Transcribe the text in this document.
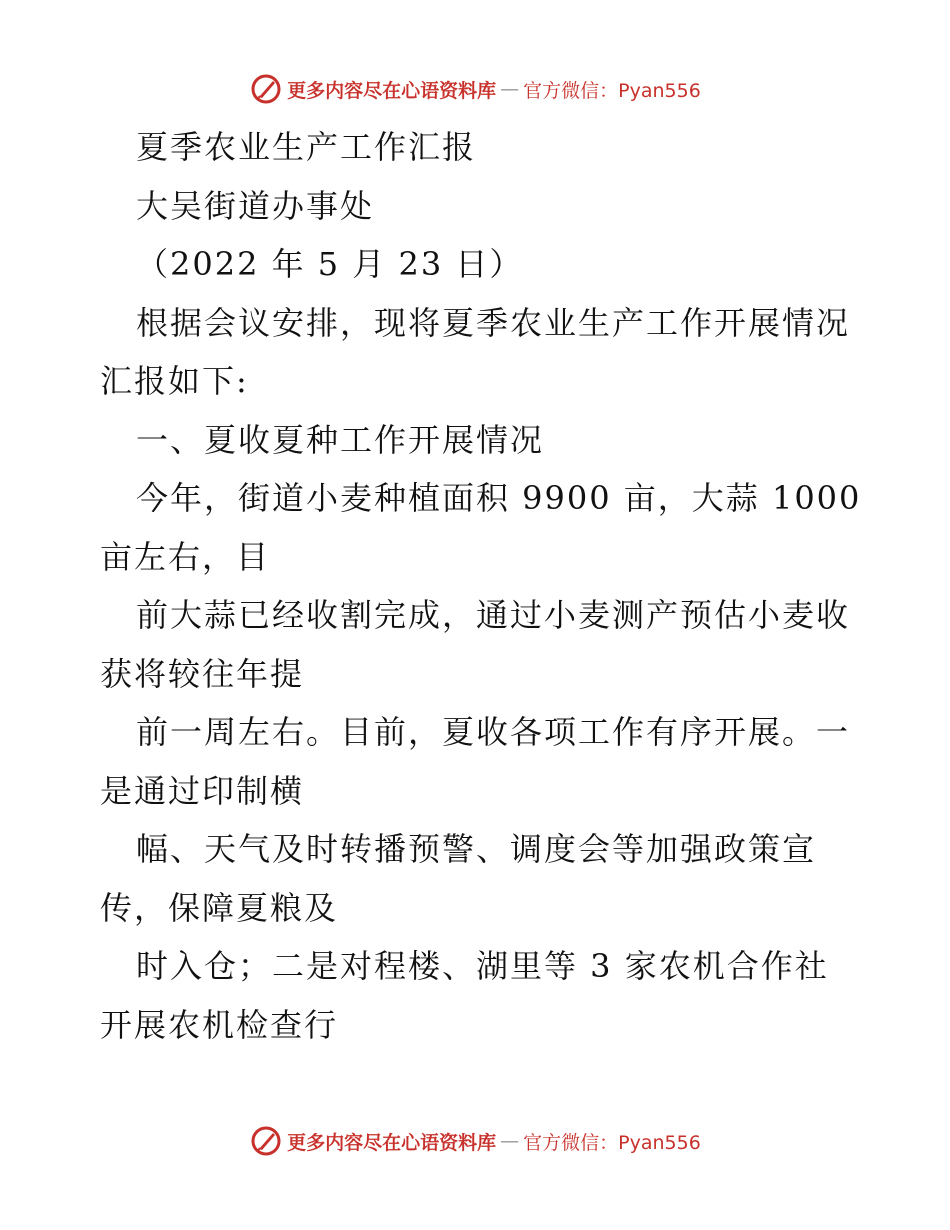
更多内容尽在心语资料库 — 官方微信：Pyan556
夏季农业生产工作汇报
大吴街道办事处
（2022 年 5 月 23 日）
根据会议安排，现将夏季农业生产工作开展情况
汇报如下:
一、夏收夏种工作开展情况
今年，街道小麦种植面积 9900 亩，大蒜 1000
亩左右，目
前大蒜已经收割完成，通过小麦测产预估小麦收
获将较往年提
前一周左右。目前，夏收各项工作有序开展。一
是通过印制横
幅、天气及时转播预警、调度会等加强政策宣
传，保障夏粮及
时入仓；二是对程楼、湖里等 3 家农机合作社
开展农机检查行
更多内容尽在心语资料库 — 官方微信：Pyan556
